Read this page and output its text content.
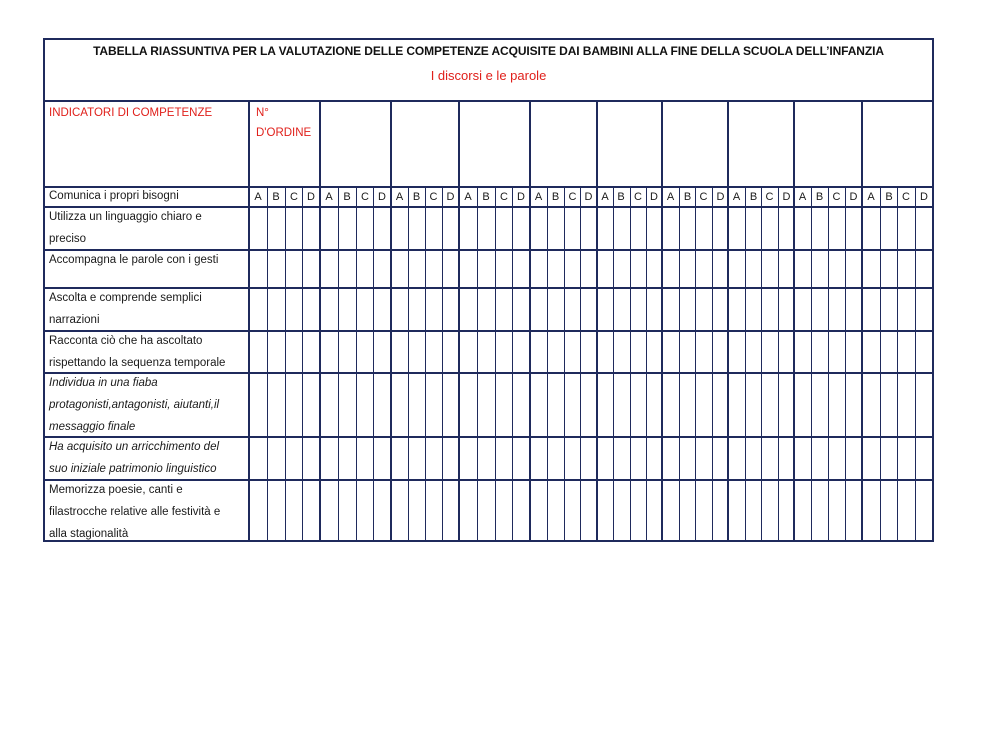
TABELLA RIASSUNTIVA PER LA VALUTAZIONE DELLE COMPETENZE ACQUISITE DAI BAMBINI ALLA FINE DELLA SCUOLA DELL’INFANZIA
I discorsi e le parole
A B C D A B C D A B C D A B C D A B C D A B C D A B C D A B C D A B C D A B C D
INDICATORI DI COMPETENZE	N°
D'ORDINE
Comunica i propri bisogni
Utilizza un linguaggio chiaro e
preciso
Accompagna le parole con i gesti
Ascolta e comprende semplici
narrazioni
Racconta ciò che ha ascoltato
rispettando la sequenza temporale
Individua in una fiaba
protagonisti,antagonisti, aiutanti,il
messaggio finale
Ha acquisito un arricchimento del
suo iniziale patrimonio linguistico
Memorizza poesie, canti e
filastrocche relative alle festività e
alla stagionalità
